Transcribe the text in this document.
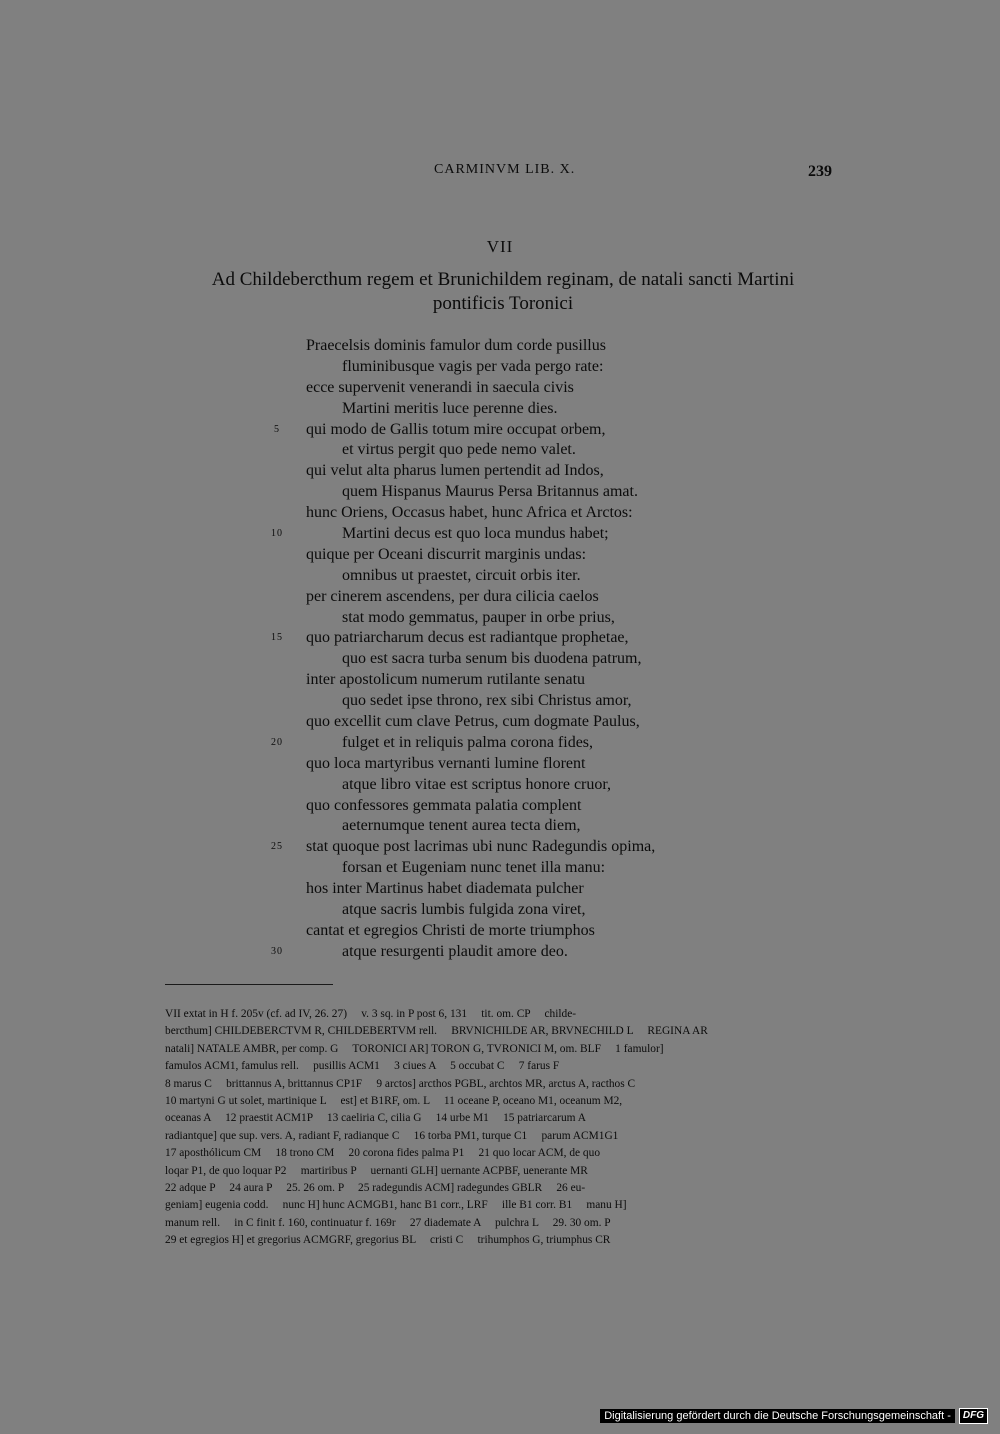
CARMINVM LIB. X.	239
VII
Ad Childebercthum regem et Brunichildem reginam, de natali sancti Martini pontificis Toronici
Praecelsis dominis famulor dum corde pusillus
fluminibusque vagis per vada pergo rate:
ecce supervenit venerandi in saecula civis
Martini meritis luce perenne dies.
5	qui modo de Gallis totum mire occupat orbem,
et virtus pergit quo pede nemo valet.
qui velut alta pharus lumen pertendit ad Indos,
quem Hispanus Maurus Persa Britannus amat.
hunc Oriens, Occasus habet, hunc Africa et Arctos:
10	Martini decus est quo loca mundus habet;
quique per Oceani discurrit marginis undas:
omnibus ut praestet, circuit orbis iter.
per cinerem ascendens, per dura cilicia caelos
stat modo gemmatus, pauper in orbe prius,
15	quo patriarcharum decus est radiantque prophetae,
quo est sacra turba senum bis duodena patrum,
inter apostolicum numerum rutilante senatu
quo sedet ipse throno, rex sibi Christus amor,
quo excellit cum clave Petrus, cum dogmate Paulus,
20	fulget et in reliquis palma corona fides,
quo loca martyribus vernanti lumine florent
atque libro vitae est scriptus honore cruor,
quo confessores gemmata palatia complent
aeternumque tenent aurea tecta diem,
25	stat quoque post lacrimas ubi nunc Radegundis opima,
forsan et Eugeniam nunc tenet illa manu:
hos inter Martinus habet diademata pulcher
atque sacris lumbis fulgida zona viret,
cantat et egregios Christi de morte triumphos
30	atque resurgenti plaudit amore deo.
VII extat in H f. 205v (cf. ad IV, 26. 27)     v. 3 sq. in P post 6, 131     tit. om. CP     childe-
bercthum] CHILDEBERCTVM R, CHILDEBERTVM rell.     BRVNICHILDE AR, BRVNECHILD L     REGINA AR
natali] NATALE AMBR, per comp. G     TORONICI AR] TORON G, TVRONICI M, om. BLF     1 famulor]
famulos ACM1, famulus rell.     pusillis ACM1     3 ciues A     5 occubat C     7 farus F
8 marus C     brittannus A, brittannus CP1F     9 arctos] arcthos PGBL, archtos MR, arctus A, racthos C
10 martyni G ut solet, martinique L     est] et B1RF, om. L     11 oceane P, oceano M1, oceanum M2,
oceanas A     12 praestit ACM1P     13 caeliria C, cilia G     14 urbe M1     15 patriarcarum A
radiantque] que sup. vers. A, radiant F, radianque C     16 torba PM1, turque C1     parum ACM1G1
17 aposthólicum CM     18 trono CM     20 corona fides palma P1     21 quo locar ACM, de quo
loqar P1, de quo loquar P2     martiribus P     uernanti GLH] uernante ACPBF, uenerante MR
22 adque P     24 aura P     25. 26 om. P     25 radegundis ACM] radegundes GBLR     26 eu-
geniam] eugenia codd.     nunc H] hunc ACMGB1, hanc B1 corr., LRF     ille B1 corr. B1     manu H]
manum rell.     in C finit f. 160, continuatur f. 169r     27 diademate A     pulchra L     29. 30 om. P
29 et egregios H] et gregorius ACMGRF, gregorius BL     cristi C     trihumphos G, triumphus CR
Digitalisierung gefördert durch die Deutsche Forschungsgemeinschaft -	DFG
